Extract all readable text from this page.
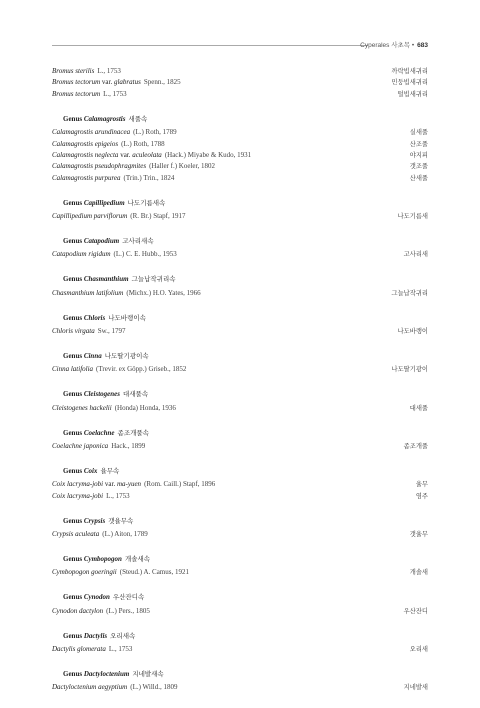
Cyperales 사초목 • 683
Bromus sterilis L., 1753	까락빕새귀리
Bromus tectorum var. glabratus Spenn., 1825	민둥빕새귀리
Bromus tectorum L., 1753	털빕새귀리
Genus Calamagrostis 새풀속
Calamagrostis arundinacea (L.) Roth, 1789	실새풀
Calamagrostis epigeios (L.) Roth, 1788	산조풀
Calamagrostis neglecta var. aculeolata (Hack.) Miyabe & Kudo, 1931	야지피
Calamagrostis pseudophragmites (Haller f.) Koeler, 1802	갯조풀
Calamagrostis purpurea (Trin.) Trin., 1824	산새풀
Genus Capillipedium 나도기름새속
Capillipedium parviflorum (R. Br.) Stapf, 1917	나도기름새
Genus Catapodium 고사리새속
Catapodium rigidum (L.) C. E. Hubb., 1953	고사리새
Genus Chasmanthium 그늘납작귀리속
Chasmanthium latifolium (Michx.) H.O. Yates, 1966	그늘납작귀리
Genus Chloris 나도바랭이속
Chloris virgata Sw., 1797	나도바랭이
Genus Cinna 나도딸기광이속
Cinna latifolia (Trevir. ex Göpp.) Griseb., 1852	나도딸기광이
Genus Cleistogenes 대새풀속
Cleistogenes hackelii (Honda) Honda, 1936	대새풀
Genus Coelachne 좀조개풀속
Coelachne japonica Hack., 1899	좀조개풀
Genus Coix 율무속
Coix lacryma-jobi var. ma-yuen (Rom. Caill.) Stapf, 1896	율무
Coix lacryma-jobi L., 1753	염주
Genus Crypsis 갯율무속
Crypsis aculeata (L.) Aiton, 1789	갯율무
Genus Cymbopogon 개솔새속
Cymbopogon goeringii (Steud.) A. Camus, 1921	개솔새
Genus Cynodon 우산잔디속
Cynodon dactylon (L.) Pers., 1805	우산잔디
Genus Dactylis 오리새속
Dactylis glomerata L., 1753	오리새
Genus Dactyloctenium 지네발새속
Dactyloctenium aegyptium (L.) Willd., 1809	지네발새
